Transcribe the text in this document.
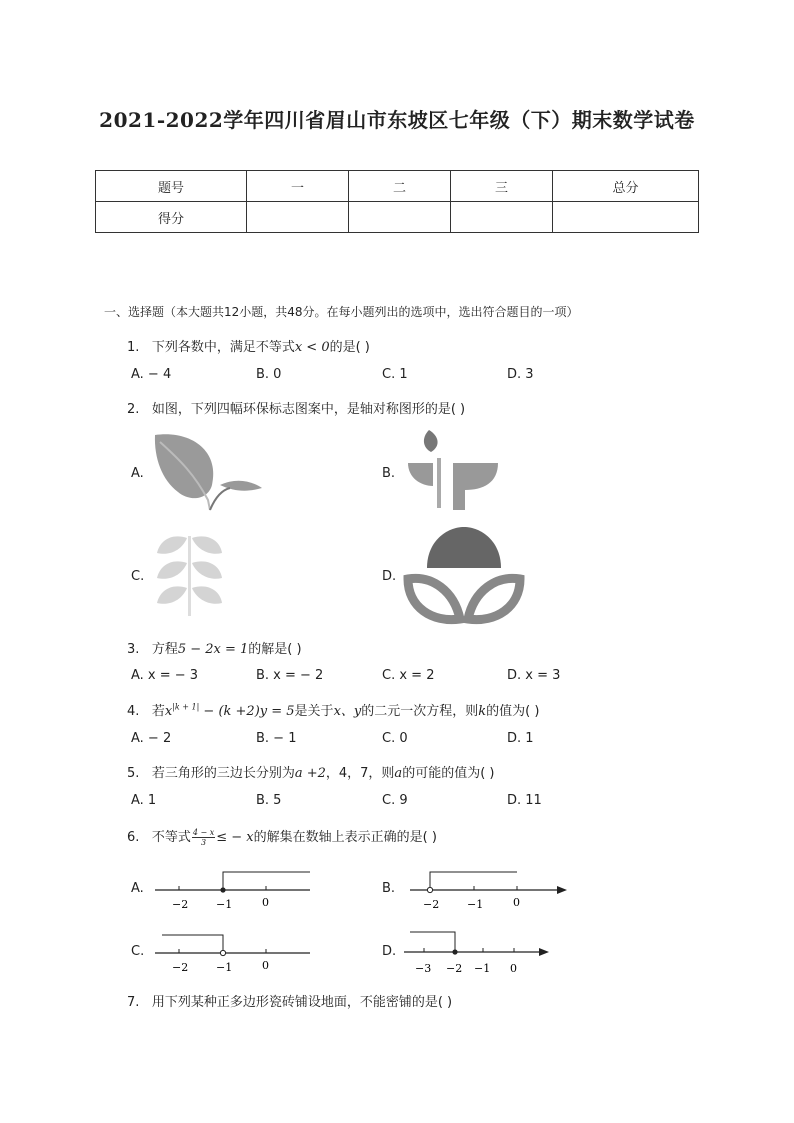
2021-2022学年四川省眉山市东坡区七年级（下）期末数学试卷
题号	一	二	三	总分
得分				
一、选择题（本大题共12小题，共48分。在每小题列出的选项中，选出符合题目的一项）
1. 下列各数中，满足不等式x < 0的是( )
A. − 4	B. 0	C. 1	D. 3
2. 如图，下列四幅环保标志图案中，是轴对称图形的是( )
A.	B.
C.	D.
3. 方程5 − 2x = 1的解是( )
A. x = − 3	B. x = − 2	C. x = 2	D. x = 3
4. 若$x^{|k + 1|} - (k +2)y = 5$是关于x、y的二元一次方程，则k的值为( )
A. − 2	B. − 1	C. 0	D. 1
5. 若三角形的三边长分别为a +2，4，7，则a的可能的值为( )
A. 1	B. 5	C. 9	D. 11
6. 不等式 $\frac{4 - x}{3}$ ≤ − x的解集在数轴上表示正确的是( )
A.
−2	−1	0
B.
−2	−1	0
C.
−2	−1	0
D.
−3 −2 −1 0
7. 用下列某种正多边形瓷砖铺设地面，不能密铺的是( )
